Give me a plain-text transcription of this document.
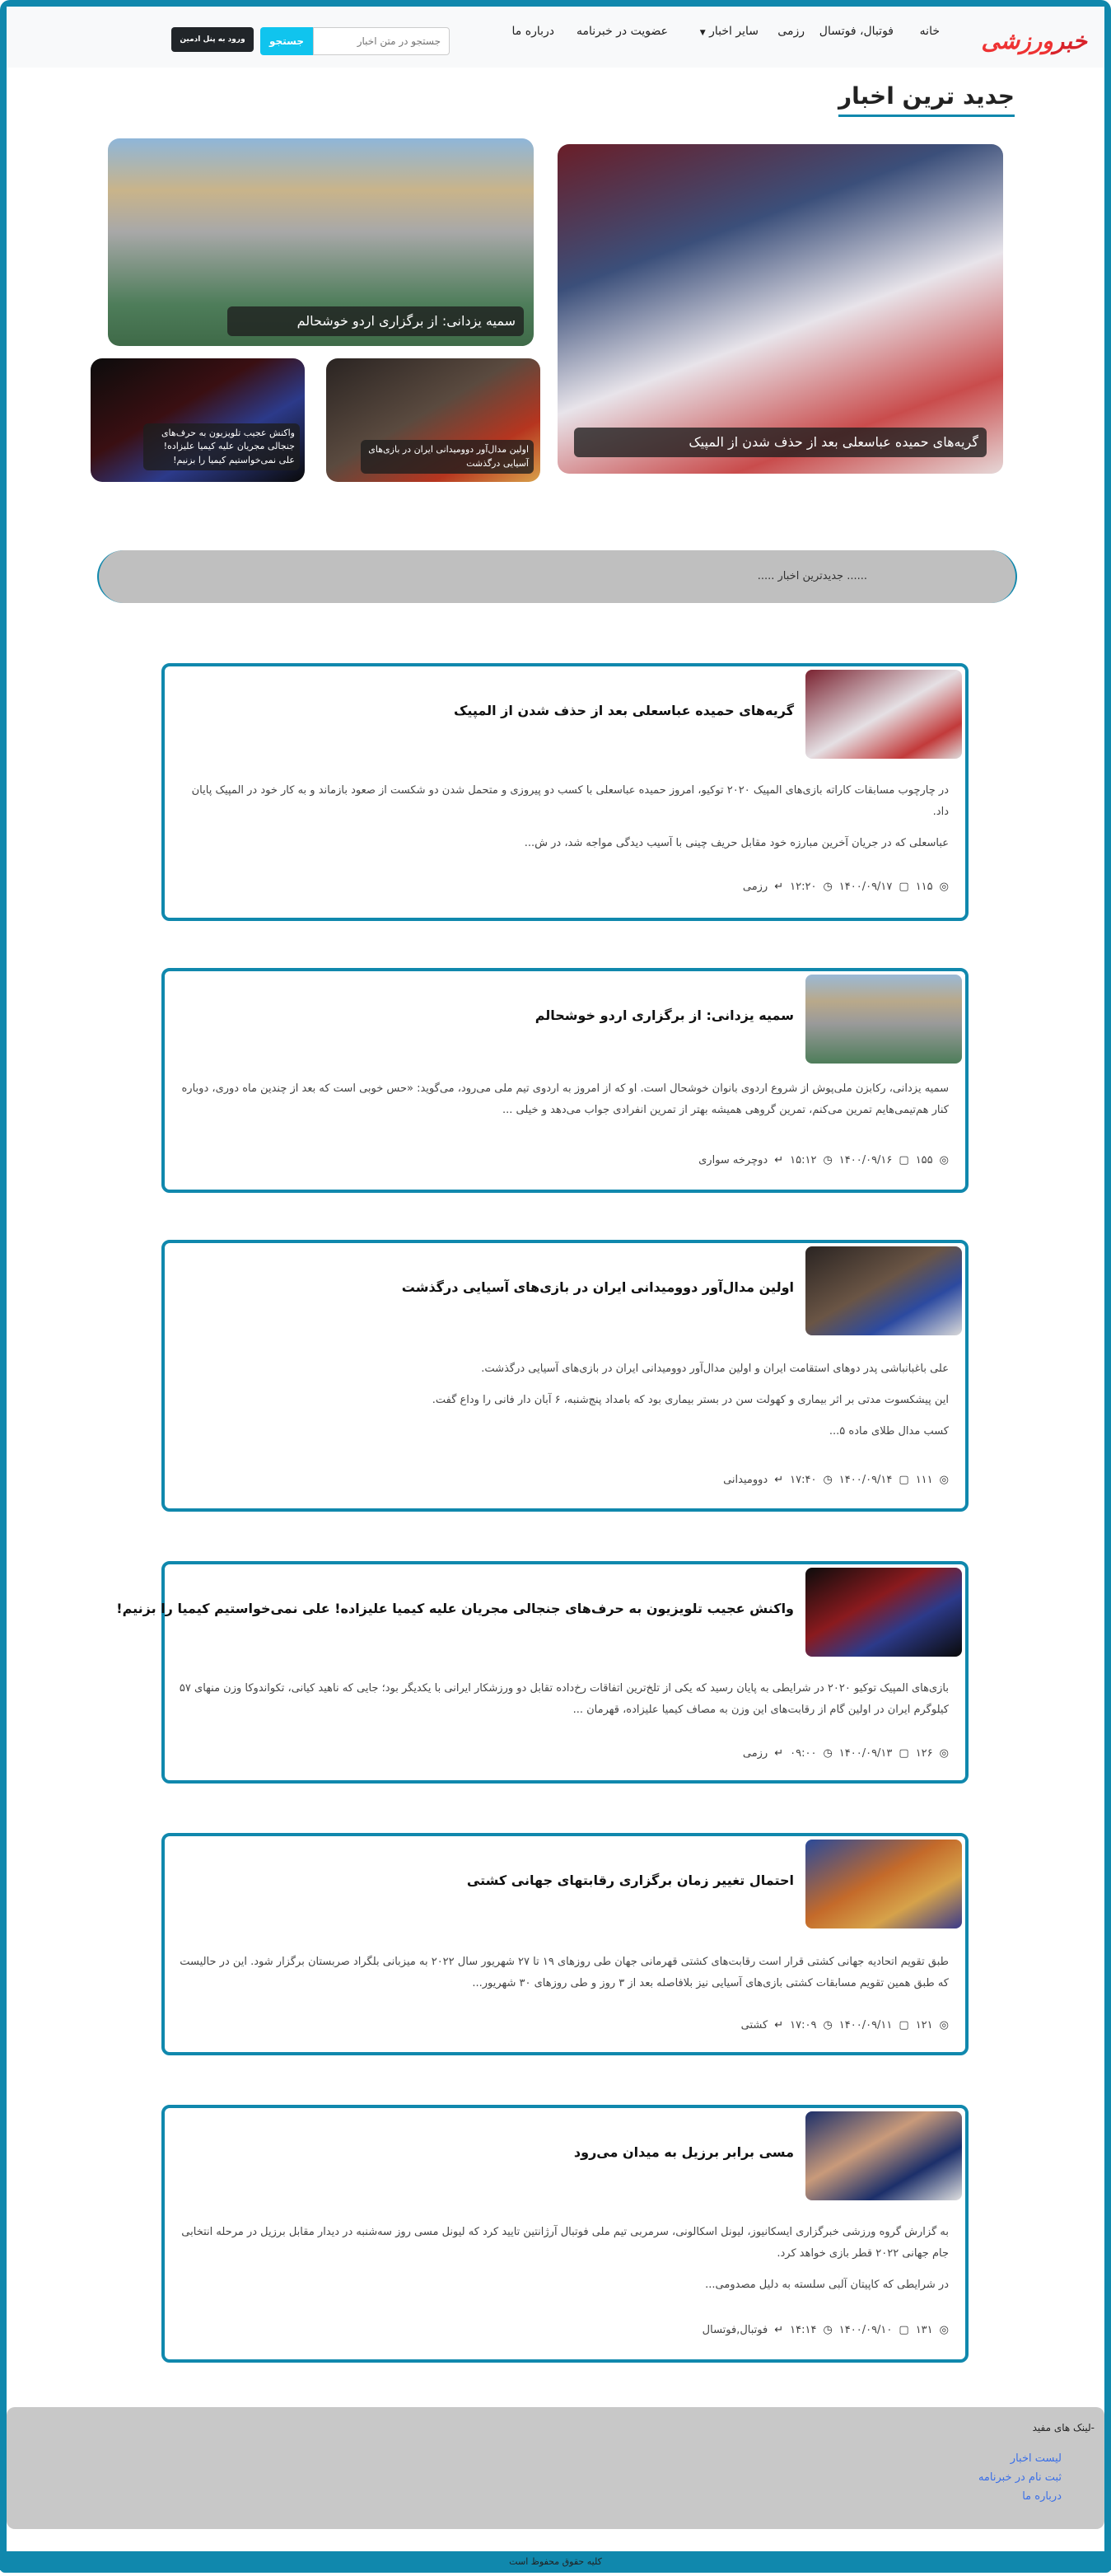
خبرورزشی
خانه
فوتبال، فوتسال
رزمی
سایر اخبار ▼
عضویت در خبرنامه
درباره ما
جستجو در متن اخبار
جستجو
ورود به پنل ادمین
جدید ترین اخبار
گریه‌های حمیده عباسعلی بعد از حذف شدن از المپیک
سمیه یزدانی: از برگزاری اردو خوشحالم
اولین مدال‌آور دوومیدانی ایران در بازی‌های آسیایی درگذشت
واکنش عجیب تلویزیون به حرف‌های جنجالی مجریان علیه کیمیا علیزاده! علی نمی‌خواستیم کیمیا را بزنیم!
...... جدیدترین اخبار .....
گریه‌های حمیده عباسعلی بعد از حذف شدن از المپیک

در چارچوب مسابقات کاراته بازی‌های المپیک ۲۰۲۰ توکیو، امروز حمیده عباسعلی با کسب دو پیروزی و متحمل شدن دو شکست از صعود بازماند و به کار خود در المپیک پایان داد.

عباسعلی که در جریان آخرین مبارزه خود مقابل حریف چینی با آسیب دیدگی مواجه شد، در ش...

◎
۱۱۵
▢
۱۴۰۰/۰۹/۱۷
◷
۱۲:۲۰
↵
رزمی
سمیه یزدانی: از برگزاری اردو خوشحالم

سمیه یزدانی، رکابزن ملی‌پوش از شروع اردوی بانوان خوشحال است. او که از امروز به اردوی تیم ملی می‌رود، می‌گوید: «حس خوبی است که بعد از چندین ماه دوری، دوباره کنار هم‌تیمی‌هایم تمرین می‌کنم، تمرین گروهی همیشه بهتر از تمرین انفرادی جواب می‌دهد و خیلی ...

◎
۱۵۵
▢
۱۴۰۰/۰۹/۱۶
◷
۱۵:۱۲
↵
دوچرخه سواری
اولین مدال‌آور دوومیدانی ایران در بازی‌های آسیایی درگذشت

علی باغبانباشی پدر دوهای استقامت ایران و اولین مدال‌آور دوومیدانی ایران در بازی‌های آسیایی درگذشت.

این پیشکسوت مدتی بر اثر بیماری و کهولت سن در بستر بیماری بود که بامداد پنج‌شنبه، ۶ آبان دار فانی را وداع گفت.

کسب مدال طلای ماده ۵...

◎
۱۱۱
▢
۱۴۰۰/۰۹/۱۴
◷
۱۷:۴۰
↵
دوومیدانی
واکنش عجیب تلویزیون به حرف‌های جنجالی مجریان علیه کیمیا علیزاده! علی نمی‌خواستیم کیمیا را بزنیم!

بازی‌های المپیک توکیو ۲۰۲۰ در شرایطی به پایان رسید که یکی از تلخ‌ترین اتفاقات رخ‌داده تقابل دو ورزشکار ایرانی با یکدیگر بود؛ جایی که ناهید کیانی، تکواندوکا وزن منهای ۵۷ کیلوگرم ایران در اولین گام از رقابت‌های این وزن به مصاف کیمیا علیزاده، قهرمان ...

◎
۱۲۶
▢
۱۴۰۰/۰۹/۱۳
◷
۰۹:۰۰
↵
رزمی
احتمال تغییر زمان برگزاری رقابتهای جهانی کشتی

طبق تقویم اتحادیه جهانی کشتی قرار است رقابت‌های کشتی قهرمانی جهان طی روزهای ۱۹ تا ۲۷ شهریور سال ۲۰۲۲ به میزبانی بلگراد صربستان برگزار شود. این در حالیست که طبق همین تقویم مسابقات کشتی بازی‌های آسیایی نیز بلافاصله بعد از ۳ روز و طی روزهای ۳۰ شهریور...

◎
۱۲۱
▢
۱۴۰۰/۰۹/۱۱
◷
۱۷:۰۹
↵
کشتی
مسی برابر برزیل به میدان می‌رود

به گزارش گروه ورزشی خبرگزاری ایسکانیوز، لیونل اسکالونی، سرمربی تیم ملی فوتبال آرژانتین تایید کرد که لیونل مسی روز سه‌شنبه در دیدار مقابل برزیل در مرحله انتخابی جام جهانی ۲۰۲۲ قطر بازی خواهد کرد.

در شرایطی که کاپیتان آلبی سلسته به دلیل مصدومی...

◎
۱۳۱
▢
۱۴۰۰/۰۹/۱۰
◷
۱۴:۱۴
↵
فوتبال,فوتسال
-لینک های مفید
لیست اخبار
ثبت نام در خبرنامه
درباره ما
کلیه حقوق محفوظ است
